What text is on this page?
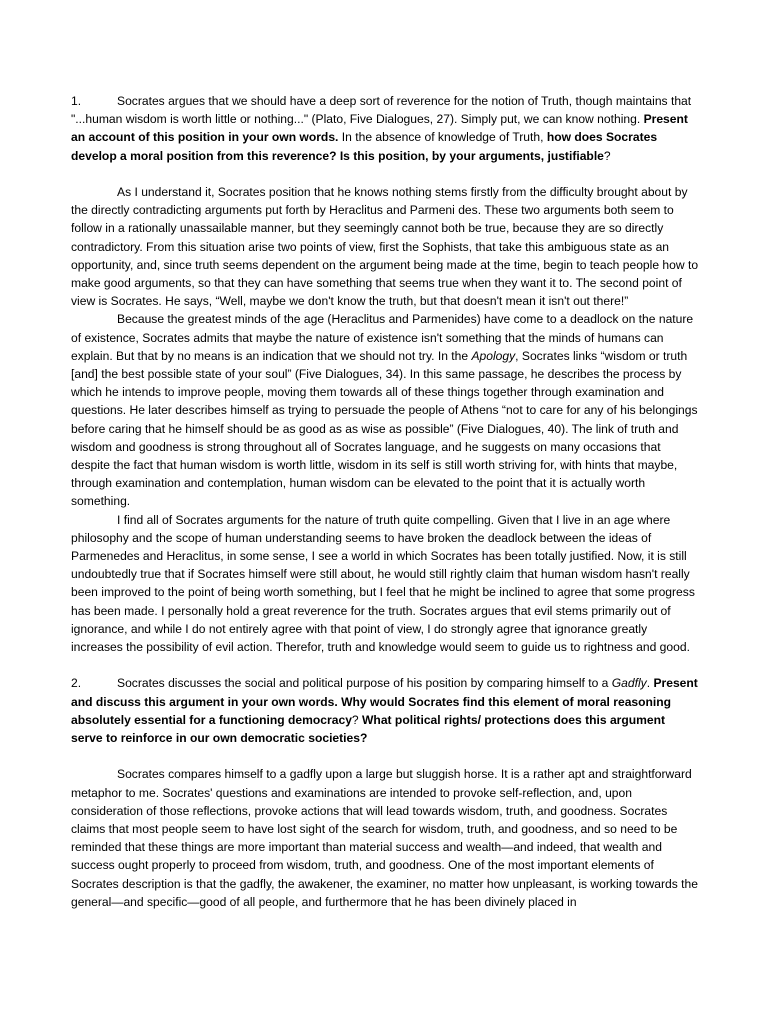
1.	Socrates argues that we should have a deep sort of reverence for the notion of Truth, though maintains that "...human wisdom is worth little or nothing..." (Plato, Five Dialogues, 27). Simply put, we can know nothing. Present an account of this position in your own words. In the absence of knowledge of Truth, how does Socrates develop a moral position from this reverence? Is this position, by your arguments, justifiable?

As I understand it, Socrates position that he knows nothing stems firstly from the difficulty brought about by the directly contradicting arguments put forth by Heraclitus and Parmeni des. These two arguments both seem to follow in a rationally unassailable manner, but they seemingly cannot both be true, because they are so directly contradictory. From this situation arise two points of view, first the Sophists, that take this ambiguous state as an opportunity, and, since truth seems dependent on the argument being made at the time, begin to teach people how to make good arguments, so that they can have something that seems true when they want it to. The second point of view is Socrates. He says, “Well, maybe we don't know the truth, but that doesn't mean it isn't out there!”

Because the greatest minds of the age (Heraclitus and Parmenides) have come to a deadlock on the nature of existence, Socrates admits that maybe the nature of existence isn't something that the minds of humans can explain. But that by no means is an indication that we should not try. In the Apology, Socrates links “wisdom or truth [and] the best possible state of your soul” (Five Dialogues, 34). In this same passage, he describes the process by which he intends to improve people, moving them towards all of these things together through examination and questions. He later describes himself as trying to persuade the people of Athens “not to care for any of his belongings before caring that he himself should be as good as as wise as possible” (Five Dialogues, 40). The link of truth and wisdom and goodness is strong throughout all of Socrates language, and he suggests on many occasions that despite the fact that human wisdom is worth little, wisdom in its self is still worth striving for, with hints that maybe, through examination and contemplation, human wisdom can be elevated to the point that it is actually worth something.

I find all of Socrates arguments for the nature of truth quite compelling. Given that I live in an age where philosophy and the scope of human understanding seems to have broken the deadlock between the ideas of Parmenedes and Heraclitus, in some sense, I see a world in which Socrates has been totally justified. Now, it is still undoubtedly true that if Socrates himself were still about, he would still rightly claim that human wisdom hasn't really been improved to the point of being worth something, but I feel that he might be inclined to agree that some progress has been made. I personally hold a great reverence for the truth. Socrates argues that evil stems primarily out of ignorance, and while I do not entirely agree with that point of view, I do strongly agree that ignorance greatly increases the possibility of evil action. Therefor, truth and knowledge would seem to guide us to rightness and good.

2.	Socrates discusses the social and political purpose of his position by comparing himself to a Gadfly. Present and discuss this argument in your own words. Why would Socrates find this element of moral reasoning absolutely essential for a functioning democracy? What political rights/ protections does this argument serve to reinforce in our own democratic societies?

Socrates compares himself to a gadfly upon a large but sluggish horse. It is a rather apt and straightforward metaphor to me. Socrates' questions and examinations are intended to provoke self-reflection, and, upon consideration of those reflections, provoke actions that will lead towards wisdom, truth, and goodness. Socrates claims that most people seem to have lost sight of the search for wisdom, truth, and goodness, and so need to be reminded that these things are more important than material success and wealth—and indeed, that wealth and success ought properly to proceed from wisdom, truth, and goodness. One of the most important elements of Socrates description is that the gadfly, the awakener, the examiner, no matter how unpleasant, is working towards the general—and specific—good of all people, and furthermore that he has been divinely placed in
